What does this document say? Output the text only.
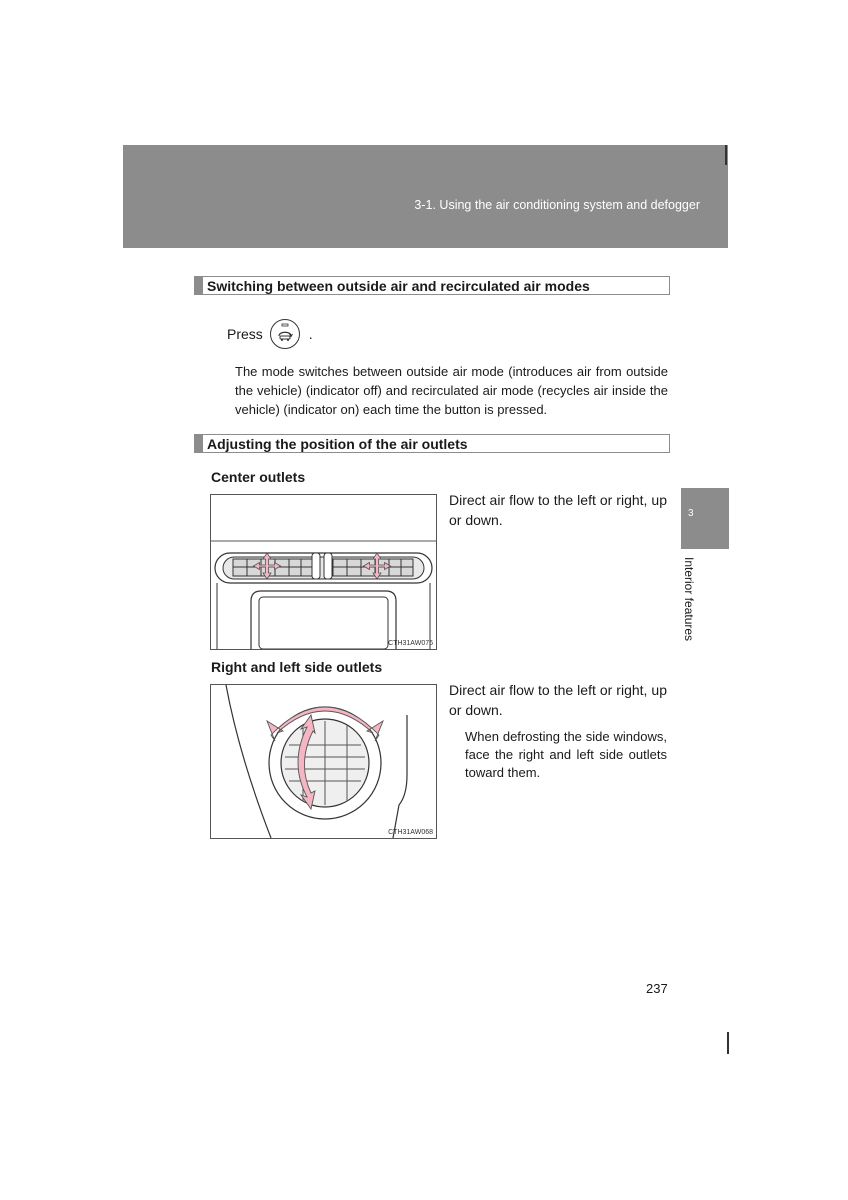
3-1. Using the air conditioning system and defogger
Switching between outside air and recirculated air modes
Press	.
The mode switches between outside air mode (introduces air from outside the vehicle) (indicator off) and recirculated air mode (recycles air inside the vehicle) (indicator on) each time the button is pressed.
Adjusting the position of the air outlets
Center outlets
CTH31AW076
Direct air flow to the left or right, up or down.
Right and left side outlets
CTH31AW068
Direct air flow to the left or right, up or down.
When defrosting the side windows, face the right and left side outlets toward them.
3
Interior features
237
